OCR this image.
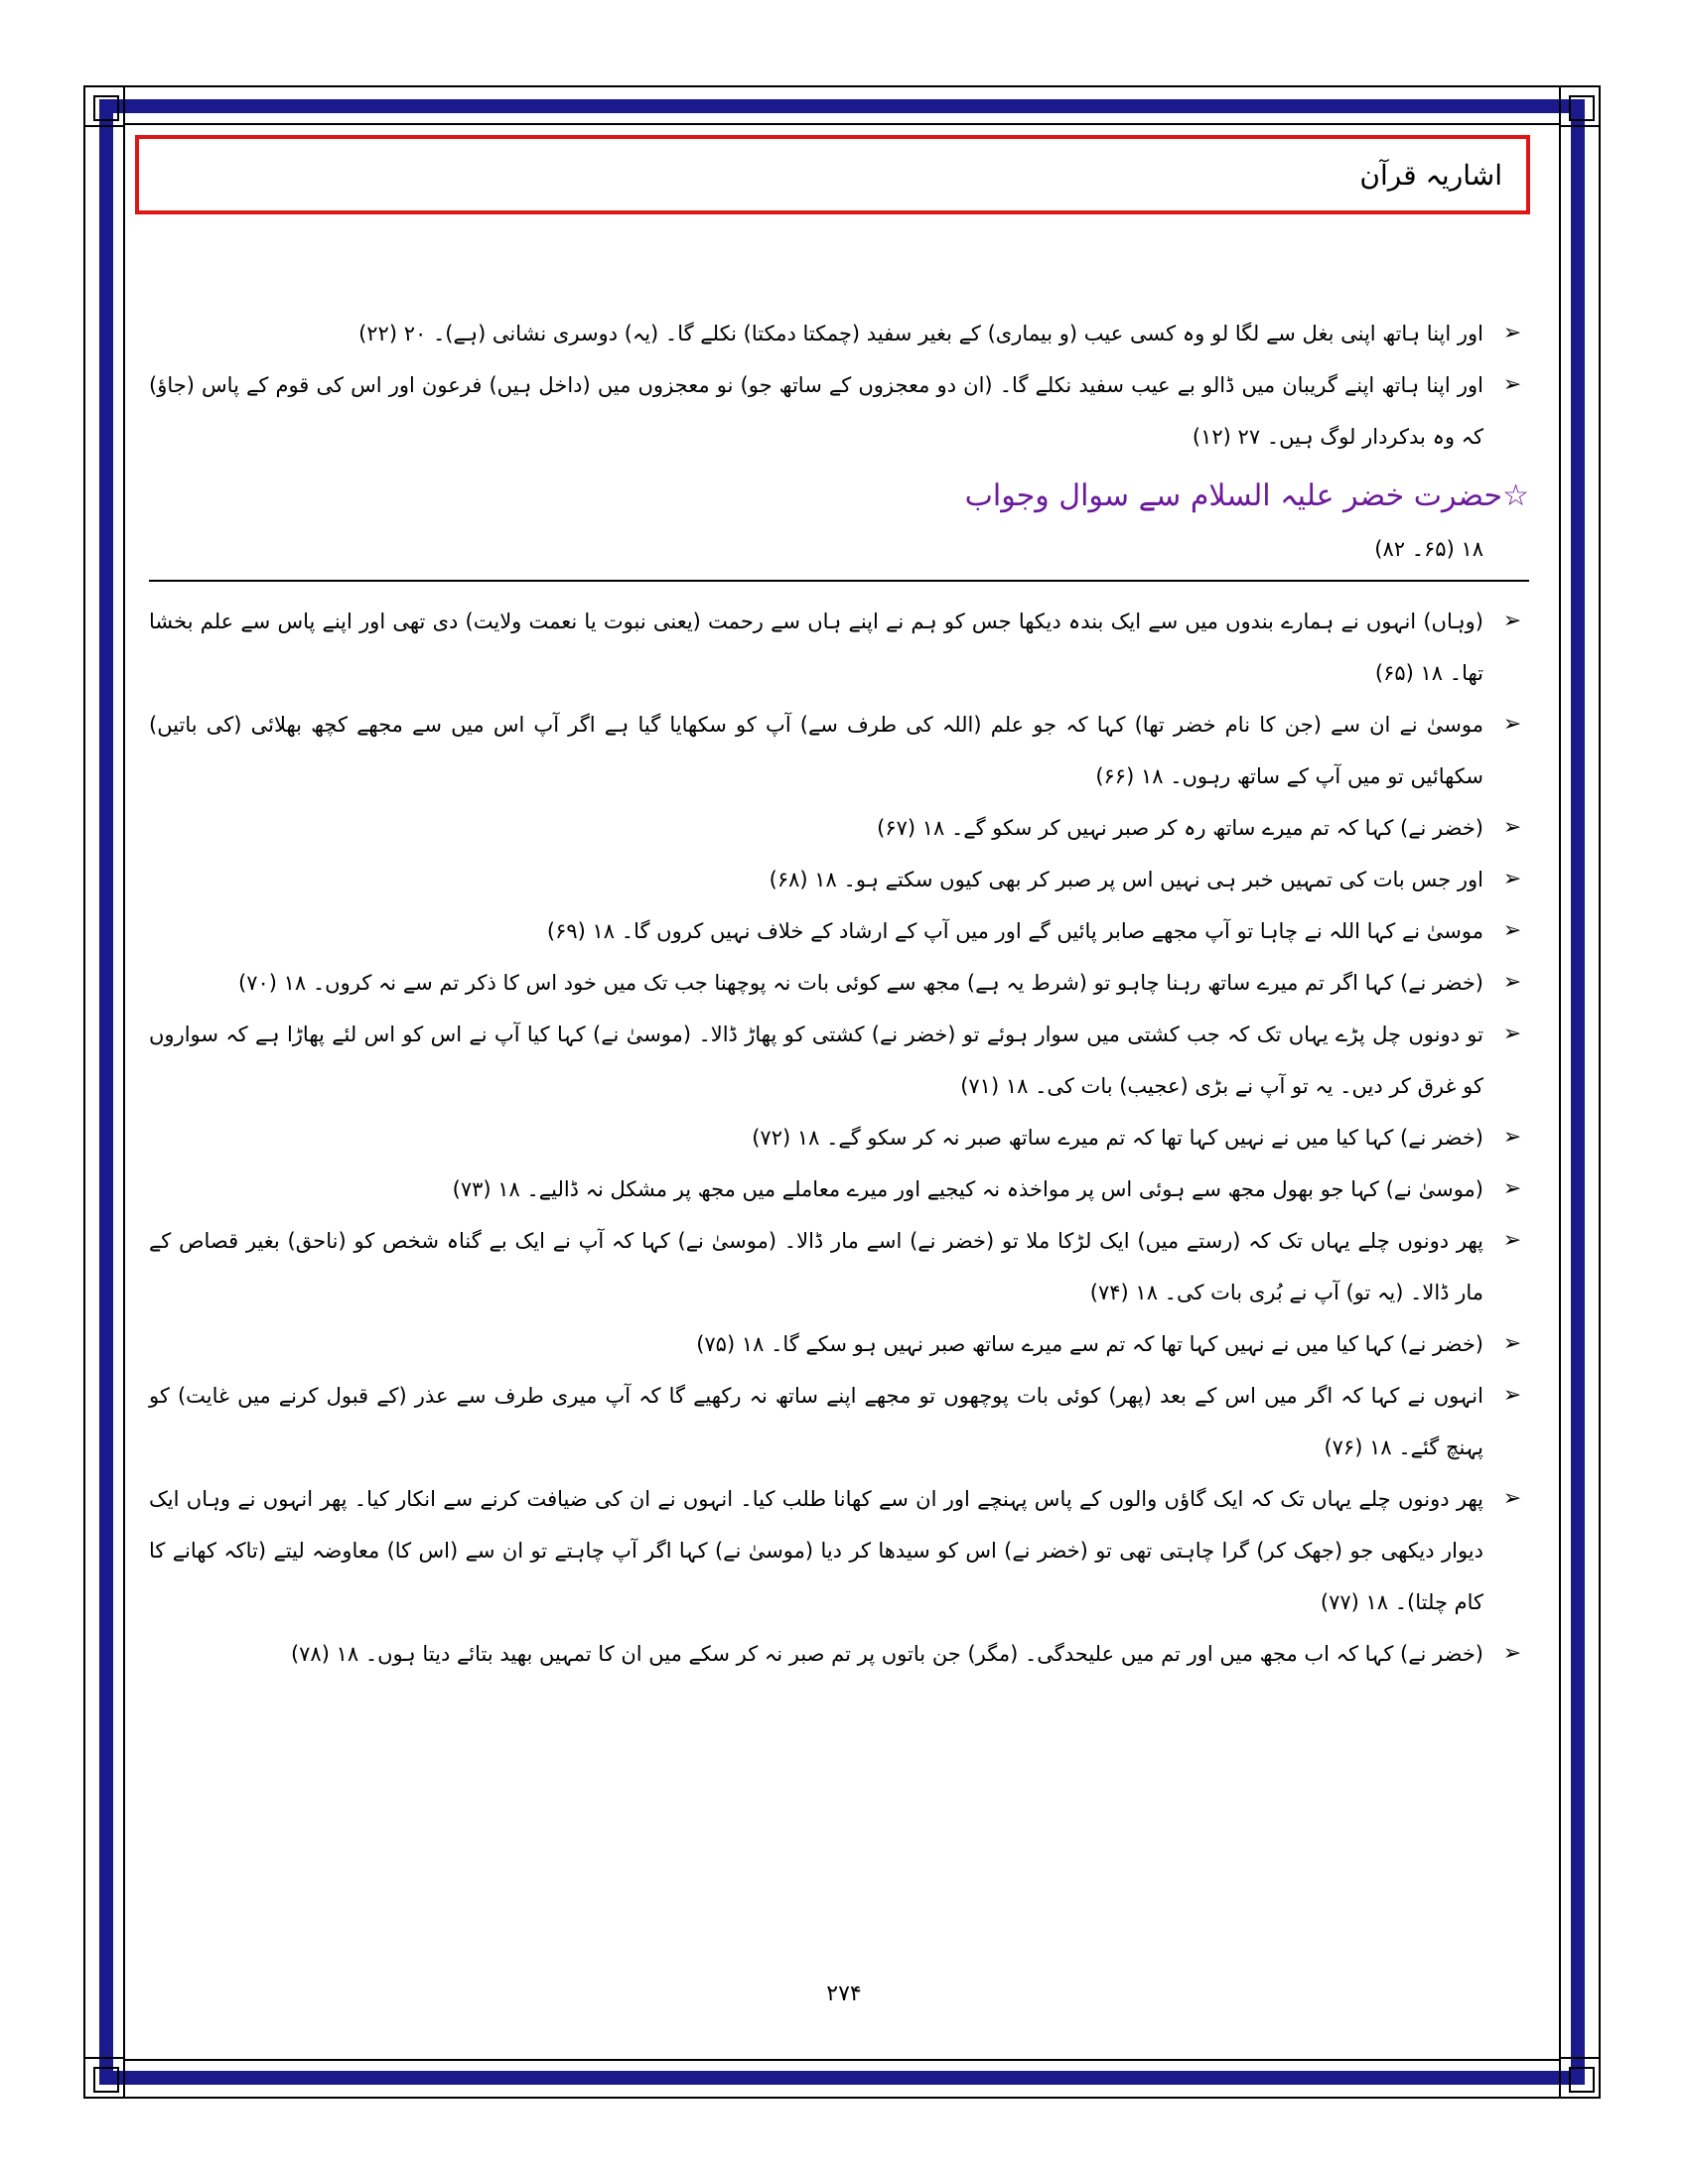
اشاریہ قرآن
➢
اور اپنا ہاتھ اپنی بغل سے لگا لو وہ کسی عیب (و بیماری) کے بغیر سفید (چمکتا دمکتا) نکلے گا۔ (یہ) دوسری نشانی (ہے)۔ ۲۰ (۲۲)
➢
اور اپنا ہاتھ اپنے گریبان میں ڈالو بے عیب سفید نکلے گا۔ (ان دو معجزوں کے ساتھ جو) نو معجزوں میں (داخل ہیں) فرعون اور اس کی قوم کے پاس (جاؤ) کہ وہ بدکردار لوگ ہیں۔ ۲۷ (۱۲)
☆حضرت خضر علیہ السلام سے سوال وجواب
۱۸ (۶۵۔ ۸۲)
➢
(وہاں) انہوں نے ہمارے بندوں میں سے ایک بندہ دیکھا جس کو ہم نے اپنے ہاں سے رحمت (یعنی نبوت یا نعمت ولایت) دی تھی اور اپنے پاس سے علم بخشا تھا۔ ۱۸ (۶۵)
➢
موسیٰ نے ان سے (جن کا نام خضر تھا) کہا کہ جو علم (اللہ کی طرف سے) آپ کو سکھایا گیا ہے اگر آپ اس میں سے مجھے کچھ بھلائی (کی باتیں) سکھائیں تو میں آپ کے ساتھ رہوں۔ ۱۸ (۶۶)
➢
(خضر نے) کہا کہ تم میرے ساتھ رہ کر صبر نہیں کر سکو گے۔ ۱۸ (۶۷)
➢
اور جس بات کی تمہیں خبر ہی نہیں اس پر صبر کر بھی کیوں سکتے ہو۔ ۱۸ (۶۸)
➢
موسیٰ نے کہا اللہ نے چاہا تو آپ مجھے صابر پائیں گے اور میں آپ کے ارشاد کے خلاف نہیں کروں گا۔ ۱۸ (۶۹)
➢
(خضر نے) کہا اگر تم میرے ساتھ رہنا چاہو تو (شرط یہ ہے) مجھ سے کوئی بات نہ پوچھنا جب تک میں خود اس کا ذکر تم سے نہ کروں۔ ۱۸ (۷۰)
➢
تو دونوں چل پڑے یہاں تک کہ جب کشتی میں سوار ہوئے تو (خضر نے) کشتی کو پھاڑ ڈالا۔ (موسیٰ نے) کہا کیا آپ نے اس کو اس لئے پھاڑا ہے کہ سواروں کو غرق کر دیں۔ یہ تو آپ نے بڑی (عجیب) بات کی۔ ۱۸ (۷۱)
➢
(خضر نے) کہا کیا میں نے نہیں کہا تھا کہ تم میرے ساتھ صبر نہ کر سکو گے۔ ۱۸ (۷۲)
➢
(موسیٰ نے) کہا جو بھول مجھ سے ہوئی اس پر مواخذہ نہ کیجیے اور میرے معاملے میں مجھ پر مشکل نہ ڈالیے۔ ۱۸ (۷۳)
➢
پھر دونوں چلے یہاں تک کہ (رستے میں) ایک لڑکا ملا تو (خضر نے) اسے مار ڈالا۔ (موسیٰ نے) کہا کہ آپ نے ایک بے گناہ شخص کو (ناحق) بغیر قصاص کے مار ڈالا۔ (یہ تو) آپ نے بُری بات کی۔ ۱۸ (۷۴)
➢
(خضر نے) کہا کیا میں نے نہیں کہا تھا کہ تم سے میرے ساتھ صبر نہیں ہو سکے گا۔ ۱۸ (۷۵)
➢
انہوں نے کہا کہ اگر میں اس کے بعد (پھر) کوئی بات پوچھوں تو مجھے اپنے ساتھ نہ رکھیے گا کہ آپ میری طرف سے عذر (کے قبول کرنے میں غایت) کو پہنچ گئے۔ ۱۸ (۷۶)
➢
پھر دونوں چلے یہاں تک کہ ایک گاؤں والوں کے پاس پہنچے اور ان سے کھانا طلب کیا۔ انہوں نے ان کی ضیافت کرنے سے انکار کیا۔ پھر انہوں نے وہاں ایک دیوار دیکھی جو (جھک کر) گرا چاہتی تھی تو (خضر نے) اس کو سیدھا کر دیا (موسیٰ نے) کہا اگر آپ چاہتے تو ان سے (اس کا) معاوضہ لیتے (تاکہ کھانے کا کام چلتا)۔ ۱۸ (۷۷)
➢
(خضر نے) کہا کہ اب مجھ میں اور تم میں علیحدگی۔ (مگر) جن باتوں پر تم صبر نہ کر سکے میں ان کا تمہیں بھید بتائے دیتا ہوں۔ ۱۸ (۷۸)
۲۷۴
